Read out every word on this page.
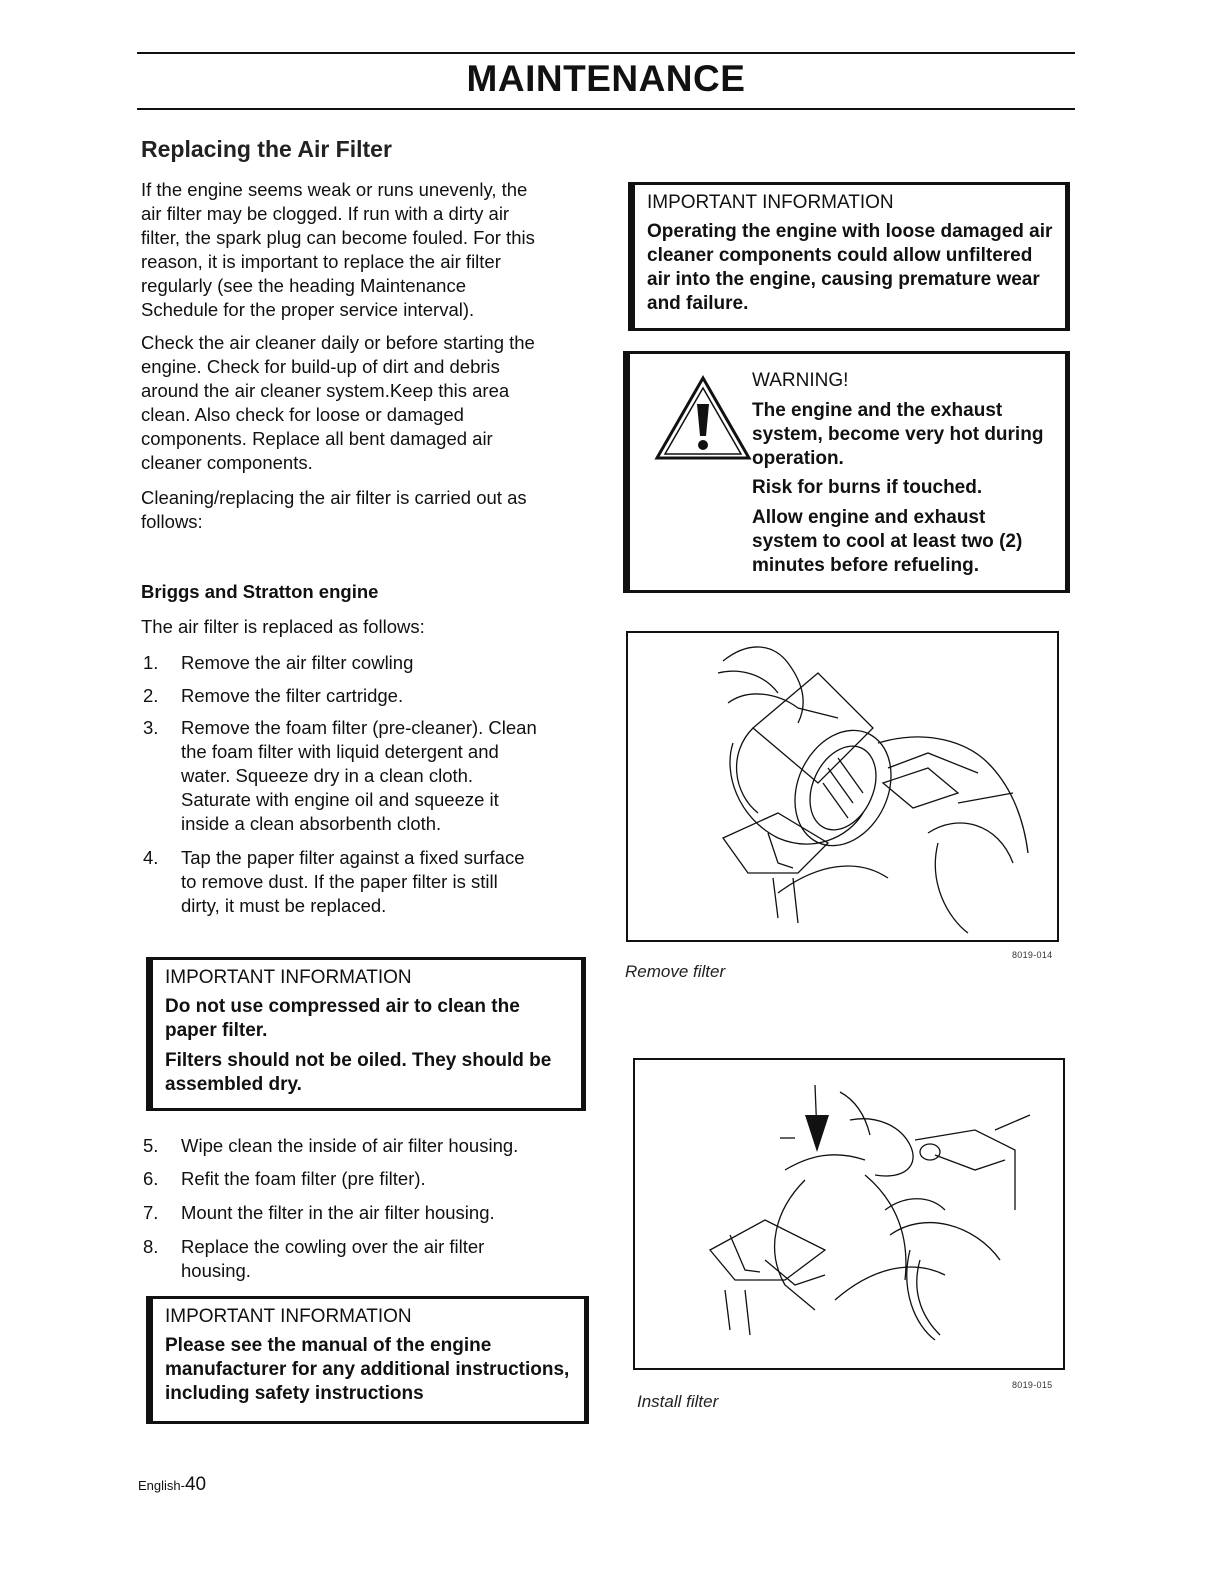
MAINTENANCE
Replacing the Air Filter
If the engine seems weak or runs unevenly, the air filter may be clogged. If run with a dirty air filter, the spark plug can become fouled. For this reason, it is important to replace the air filter regularly (see the heading Maintenance Schedule for the proper service interval).
Check the air cleaner daily or before starting the engine. Check for build-up of dirt and debris around the air cleaner system.Keep this area clean. Also check for loose or damaged components. Replace all bent damaged air cleaner components.
Cleaning/replacing the air filter is carried out as follows:
Briggs and Stratton engine
The air filter is replaced as follows:
1. Remove the air filter cowling
2. Remove the filter cartridge.
3. Remove the foam filter (pre-cleaner). Clean the foam filter with liquid detergent and water. Squeeze dry in a clean cloth. Saturate with engine oil and squeeze it inside a clean absorbenth cloth.
4. Tap the paper filter against a fixed surface to remove dust. If the paper filter is still dirty, it must be replaced.
IMPORTANT INFORMATION
Do not use compressed air to clean the paper filter.
Filters should not be oiled. They should be assembled dry.
5. Wipe clean the inside of air filter housing.
6. Refit the foam filter (pre filter).
7. Mount the filter in the air filter housing.
8. Replace the cowling over the air filter housing.
IMPORTANT INFORMATION
Please see the manual of the engine manufacturer for any additional instructions, including safety instructions
IMPORTANT INFORMATION
Operating the engine with loose damaged air cleaner components could allow unfiltered air into the engine, causing premature wear and failure.
WARNING!
The engine and the exhaust system, become very hot during operation.
Risk for burns if touched.
Allow engine and exhaust system to cool at least two (2) minutes before refueling.
Remove filter
8019-014
Install filter
8019-015
English-40
